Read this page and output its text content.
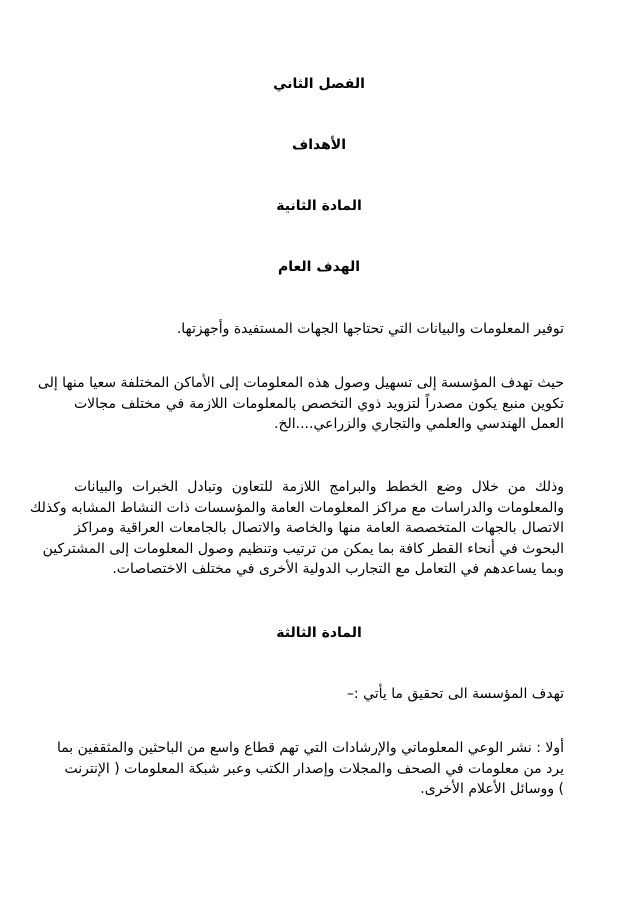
الفصل الثاني
الأهداف
المادة الثانية
الهدف العام
توفير المعلومات والبيانات التي تحتاجها الجهات المستفيدة وأجهزتها.
حيث تهدف المؤسسة إلى تسهيل وصول هذه المعلومات إلى الأماكن المختلفة سعيا منها إلى
تكوين منبع يكون مصدراً لتزويد ذوي التخصص بالمعلومات اللازمة في مختلف مجالات
العمل الهندسي والعلمي والتجاري والزراعي....الخ.
وذلك من خلال وضع الخطط والبرامج اللازمة للتعاون وتبادل الخبرات والبيانات
والمعلومات والدراسات مع مراكز المعلومات العامة والمؤسسات ذات النشاط المشابه وكذلك
الاتصال بالجهات المتخصصة العامة منها والخاصة والاتصال بالجامعات العراقية ومراكز
البحوث في أنحاء القطر كافة بما يمكن من ترتيب وتنظيم وصول المعلومات إلى المشتركين
وبما يساعدهم في التعامل مع التجارب الدولية الأخرى في مختلف الاختصاصات.
المادة الثالثة
تهدف المؤسسة الى تحقيق ما يأتي :–
أولا : نشر الوعي المعلوماتي والإرشادات التي تهم قطاع واسع من الباحثين والمثقفين بما
يرد من معلومات في الصحف والمجلات وإصدار الكتب وعبر شبكة المعلومات ( الإنترنت
) ووسائل الأعلام الأخرى.
